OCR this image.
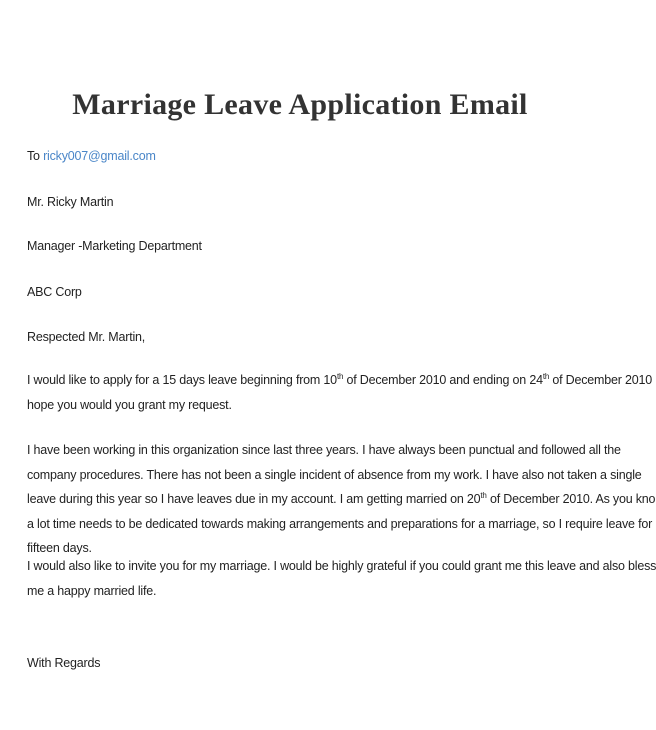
Marriage Leave Application Email
To ricky007@gmail.com
Mr. Ricky Martin
Manager -Marketing Department
ABC Corp
Respected Mr. Martin,
I would like to apply for a 15 days leave beginning from 10th of December 2010 and ending on 24th of December 2010
hope you would you grant my request.
I have been working in this organization since last three years. I have always been punctual and followed all the
company procedures. There has not been a single incident of absence from my work. I have also not taken a single
leave during this year so I have leaves due in my account. I am getting married on 20th of December 2010. As you kno
a lot time needs to be dedicated towards making arrangements and preparations for a marriage, so I require leave for
fifteen days.
I would also like to invite you for my marriage. I would be highly grateful if you could grant me this leave and also bless
me a happy married life.
With Regards
